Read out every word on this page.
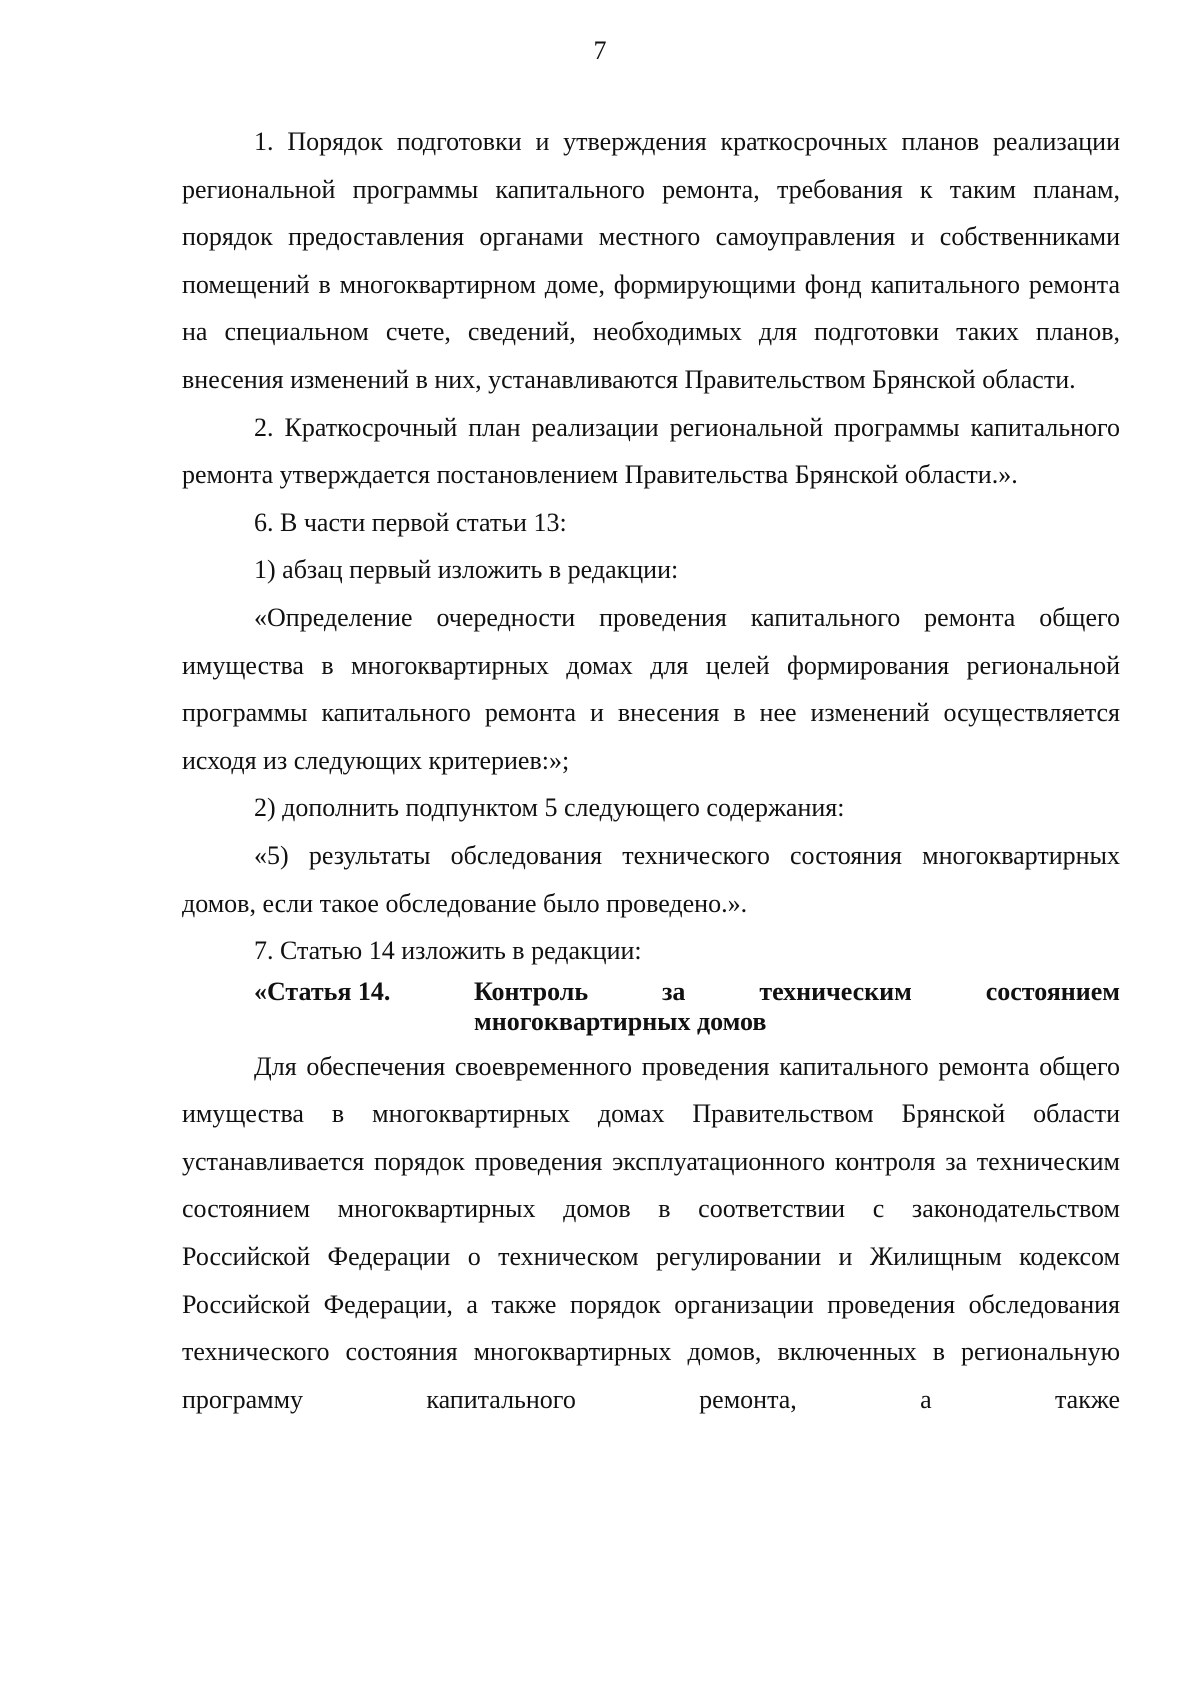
7

1. Порядок подготовки и утверждения краткосрочных планов реализации региональной программы капитального ремонта, требования к таким планам, порядок предоставления органами местного самоуправления и собственниками помещений в многоквартирном доме, формирующими фонд капитального ремонта на специальном счете, сведений, необходимых для подготовки таких планов, внесения изменений в них, устанавливаются Правительством Брянской области.

2. Краткосрочный план реализации региональной программы капитального ремонта утверждается постановлением Правительства Брянской области.».

6. В части первой статьи 13:

1) абзац первый изложить в редакции:

«Определение очередности проведения капитального ремонта общего имущества в многоквартирных домах для целей формирования региональной программы капитального ремонта и внесения в нее изменений осуществляется исходя из следующих критериев:»;

2) дополнить подпунктом 5 следующего содержания:

«5) результаты обследования технического состояния многоквартирных домов, если такое обследование было проведено.».

7. Статью 14 изложить в редакции:

«Статья 14.	Контроль за техническим состоянием многоквартирных домов

Для обеспечения своевременного проведения капитального ремонта общего имущества в многоквартирных домах Правительством Брянской области устанавливается порядок проведения эксплуатационного контроля за техническим состоянием многоквартирных домов в соответствии с законодательством Российской Федерации о техническом регулировании и Жилищным кодексом Российской Федерации, а также порядок организации проведения обследования технического состояния многоквартирных домов, включенных в региональную программу капитального ремонта, а также
